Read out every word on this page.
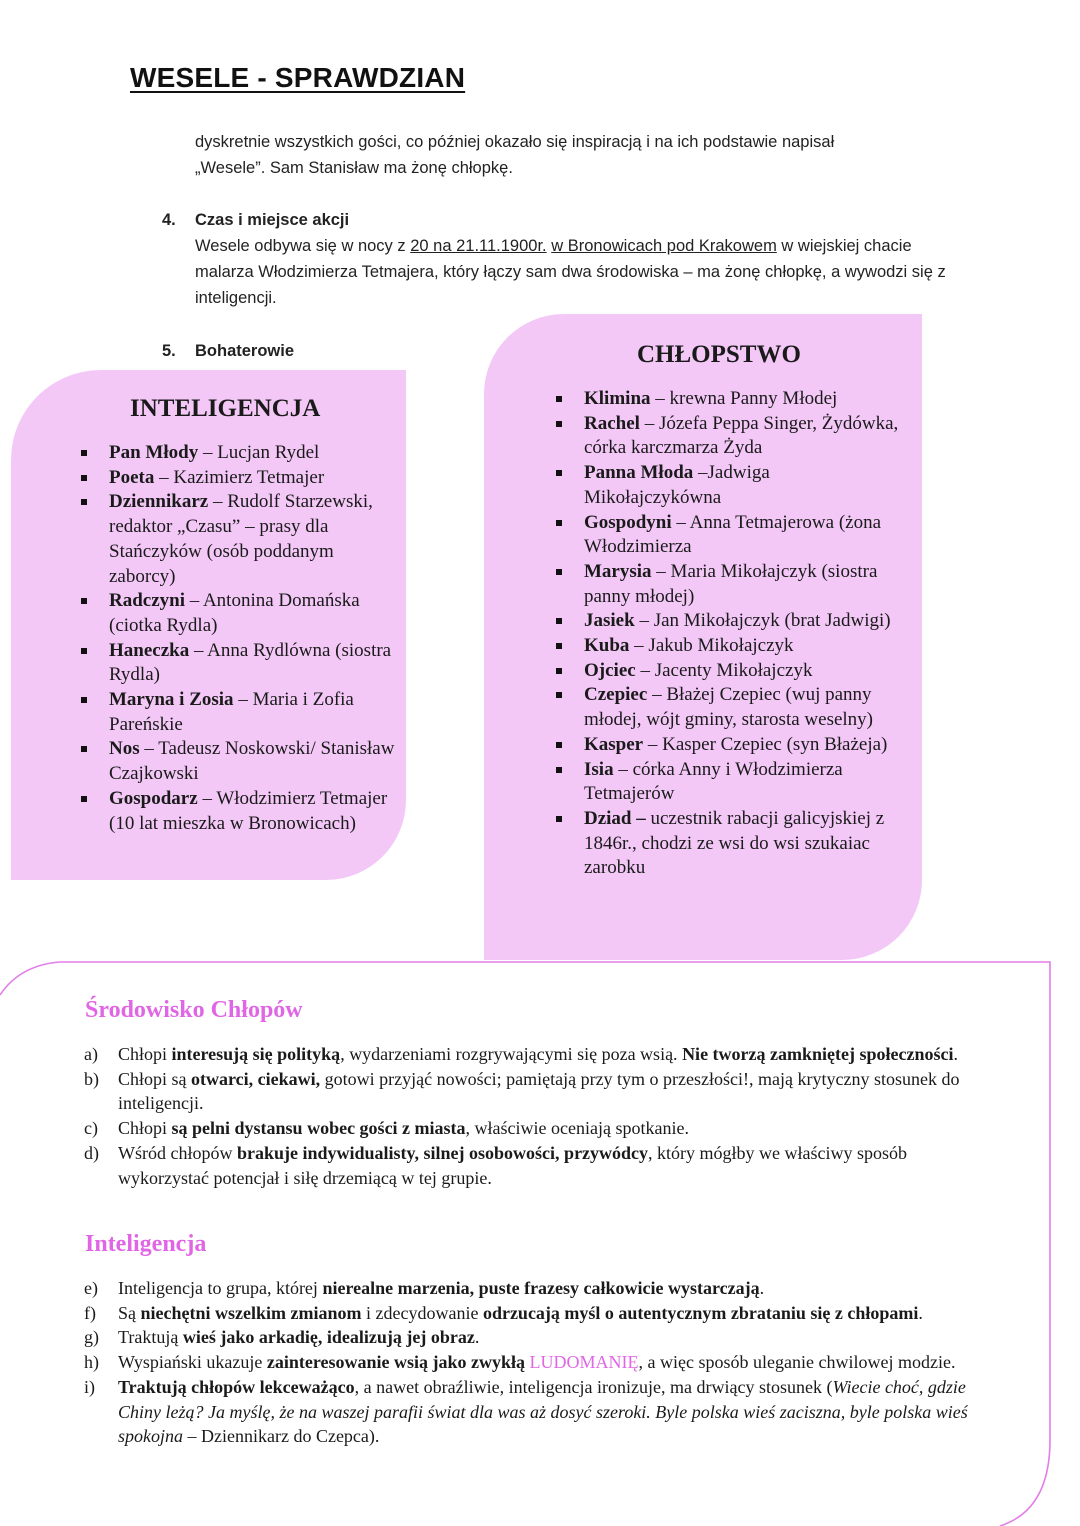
WESELE - SPRAWDZIAN
dyskretnie wszystkich gości, co później okazało się inspiracją i na ich podstawie napisał
„Wesele”. Sam Stanisław ma żonę chłopkę.
4. Czas i miejsce akcji
Wesele odbywa się w nocy z 20 na 21.11.1900r. w Bronowicach pod Krakowem w wiejskiej chacie malarza Włodzimierza Tetmajera, który łączy sam dwa środowiska – ma żonę chłopkę, a wywodzi się z inteligencji.
5. Bohaterowie
INTELIGENCJA
Pan Młody – Lucjan Rydel
Poeta – Kazimierz Tetmajer
Dziennikarz – Rudolf Starzewski, redaktor „Czasu” – prasy dla Stańczyków (osób poddanym zaborcy)
Radczyni – Antonina Domańska (ciotka Rydla)
Haneczka – Anna Rydlówna (siostra Rydla)
Maryna i Zosia – Maria i Zofia Pareńskie
Nos – Tadeusz Noskowski/ Stanisław Czajkowski
Gospodarz – Włodzimierz Tetmajer (10 lat mieszka w Bronowicach)
CHŁOPSTWO
Klimina – krewna Panny Młodej
Rachel – Józefa Peppa Singer, Żydówka, córka karczmarza Żyda
Panna Młoda –Jadwiga Mikołajczykówna
Gospodyni – Anna Tetmajerowa (żona Włodzimierza
Marysia – Maria Mikołajczyk (siostra panny młodej)
Jasiek – Jan Mikołajczyk (brat Jadwigi)
Kuba – Jakub Mikołajczyk
Ojciec – Jacenty Mikołajczyk
Czepiec – Błażej Czepiec (wuj panny młodej, wójt gminy, starosta weselny)
Kasper – Kasper Czepiec (syn Błażeja)
Isia – córka Anny i Włodzimierza Tetmajerów
Dziad – uczestnik rabacji galicyjskiej z 1846r., chodzi ze wsi do wsi szukaiac zarobku
Środowisko Chłopów
a) Chłopi interesują się polityką, wydarzeniami rozgrywającymi się poza wsią. Nie tworzą zamkniętej społeczności.
b) Chłopi są otwarci, ciekawi, gotowi przyjąć nowości; pamiętają przy tym o przeszłości!, mają krytyczny stosunek do inteligencji.
c) Chłopi są pelni dystansu wobec gości z miasta, właściwie oceniają spotkanie.
d) Wśród chłopów brakuje indywidualisty, silnej osobowości, przywódcy, który mógłby we właściwy sposób wykorzystać potencjał i siłę drzemiącą w tej grupie.
Inteligencja
e) Inteligencja to grupa, której nierealne marzenia, puste frazesy całkowicie wystarczają.
f) Są niechętni wszelkim zmianom i zdecydowanie odrzucają myśl o autentycznym zbrataniu się z chłopami.
g) Traktują wieś jako arkadię, idealizują jej obraz.
h) Wyspiański ukazuje zainteresowanie wsią jako zwykłą LUDOMANIĘ, a więc sposób uleganie chwilowej modzie.
i) Traktują chłopów lekceważąco, a nawet obraźliwie, inteligencja ironizuje, ma drwiący stosunek (Wiecie choć, gdzie Chiny leżą? Ja myślę, że na waszej parafii świat dla was aż dosyć szeroki. Byle polska wieś zaciszna, byle polska wieś spokojna – Dziennikarz do Czepca).
